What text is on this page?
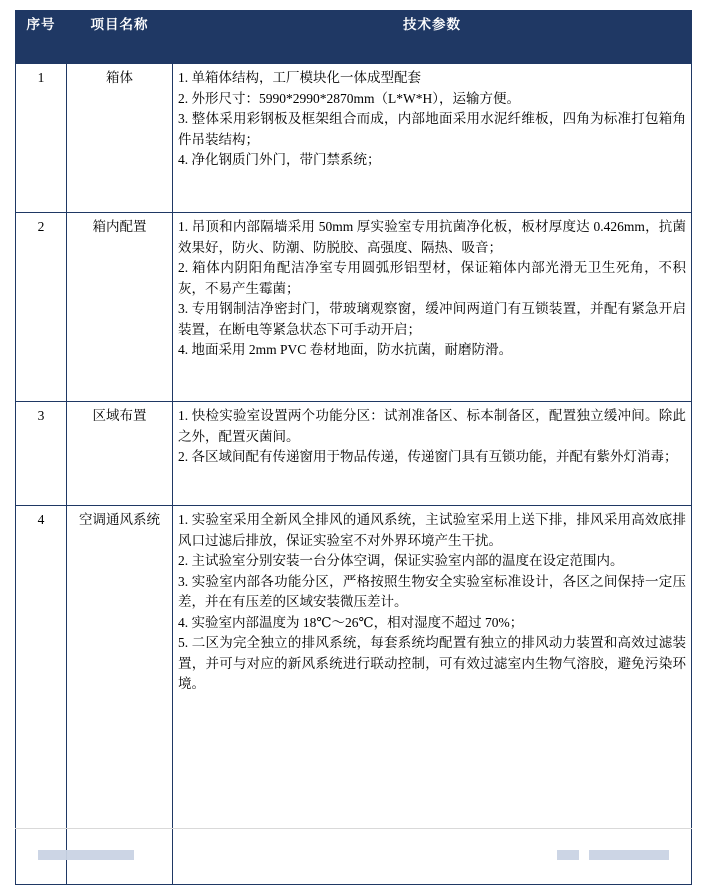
序号	项目名称	技术参数
1	箱体	1. 单箱体结构，工厂模块化一体成型配套

2. 外形尺寸：5990*2990*2870mm（L*W*H），运输方便。

3. 整体采用彩钢板及框架组合而成，内部地面采用水泥纤维板，四角为标准打包箱角件吊装结构；

4. 净化钢质门外门，带门禁系统；

2	箱内配置	1. 吊顶和内部隔墙采用 50mm 厚实验室专用抗菌净化板，板材厚度达 0.426mm，抗菌效果好，防火、防潮、防脱胶、高强度、隔热、吸音；

2. 箱体内阴阳角配洁净室专用圆弧形铝型材，保证箱体内部光滑无卫生死角，不积灰，不易产生霉菌；

3. 专用钢制洁净密封门，带玻璃观察窗，缓冲间两道门有互锁装置，并配有紧急开启装置，在断电等紧急状态下可手动开启；

4. 地面采用 2mm PVC 卷材地面，防水抗菌，耐磨防滑。

3	区域布置	1. 快检实验室设置两个功能分区：试剂准备区、标本制备区，配置独立缓冲间。除此之外，配置灭菌间。

2. 各区域间配有传递窗用于物品传递，传递窗门具有互锁功能，并配有紫外灯消毒；

4	空调通风系统	1. 实验室采用全新风全排风的通风系统，主试验室采用上送下排，排风采用高效底排风口过滤后排放，保证实验室不对外界环境产生干扰。

2. 主试验室分别安装一台分体空调，保证实验室内部的温度在设定范围内。

3. 实验室内部各功能分区，严格按照生物安全实验室标准设计，各区之间保持一定压差，并在有压差的区域安装微压差计。

4. 实验室内部温度为 18℃～26℃，相对湿度不超过 70%；

5. 二区为完全独立的排风系统，每套系统均配置有独立的排风动力装置和高效过滤装置，并可与对应的新风系统进行联动控制，可有效过滤室内生物气溶胶，避免污染环境。
